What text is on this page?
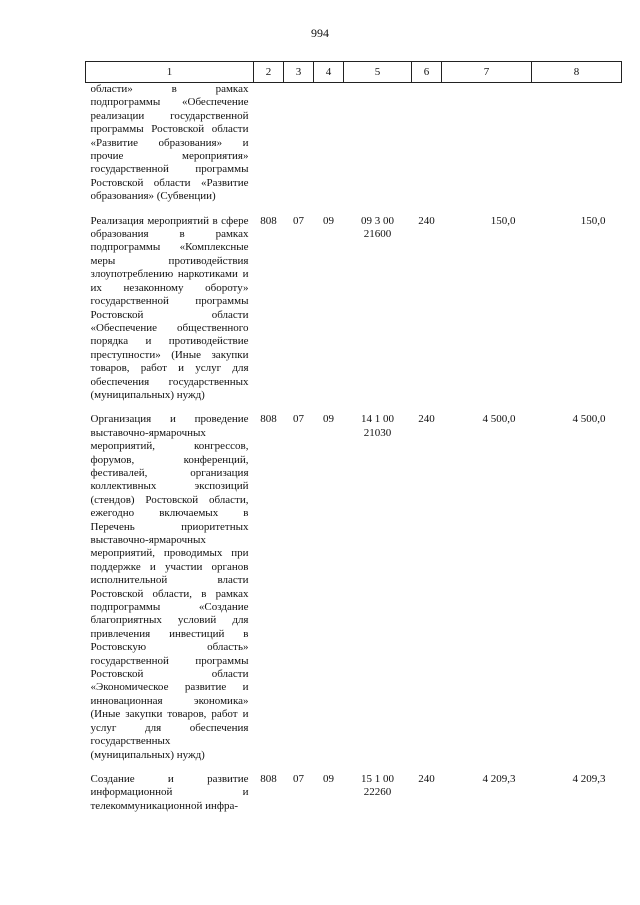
994
1	2	3	4	5	6	7	8
области» в рамках подпрограммы «Обеспечение реализации государственной программы Ростовской области «Развитие образования» и прочие мероприятия» государственной программы Ростовской области «Развитие образования» (Субвенции)							
Реализация мероприятий в сфере образования в рамках подпрограммы «Комплексные меры противодействия злоупотреблению наркотиками и их незаконному обороту» государственной программы Ростовской области «Обеспечение общественного порядка и противодействие преступности» (Иные закупки товаров, работ и услуг для обеспечения государственных (муниципальных) нужд)	808	07	09	09 3 00 21600	240	150,0	150,0
Организация и проведение выставочно-ярмарочных мероприятий, конгрессов, форумов, конференций, фестивалей, организация коллективных экспозиций (стендов) Ростовской области, ежегодно включаемых в Перечень приоритетных выставочно-ярмарочных мероприятий, проводимых при поддержке и участии органов исполнительной власти Ростовской области, в рамках подпрограммы «Создание благоприятных условий для привлечения инвестиций в Ростовскую область» государственной программы Ростовской области «Экономическое развитие и инновационная экономика» (Иные закупки товаров, работ и услуг для обеспечения государственных (муниципальных) нужд)	808	07	09	14 1 00 21030	240	4 500,0	4 500,0
Создание и развитие информационной и телекоммуникационной инфра-	808	07	09	15 1 00 22260	240	4 209,3	4 209,3
